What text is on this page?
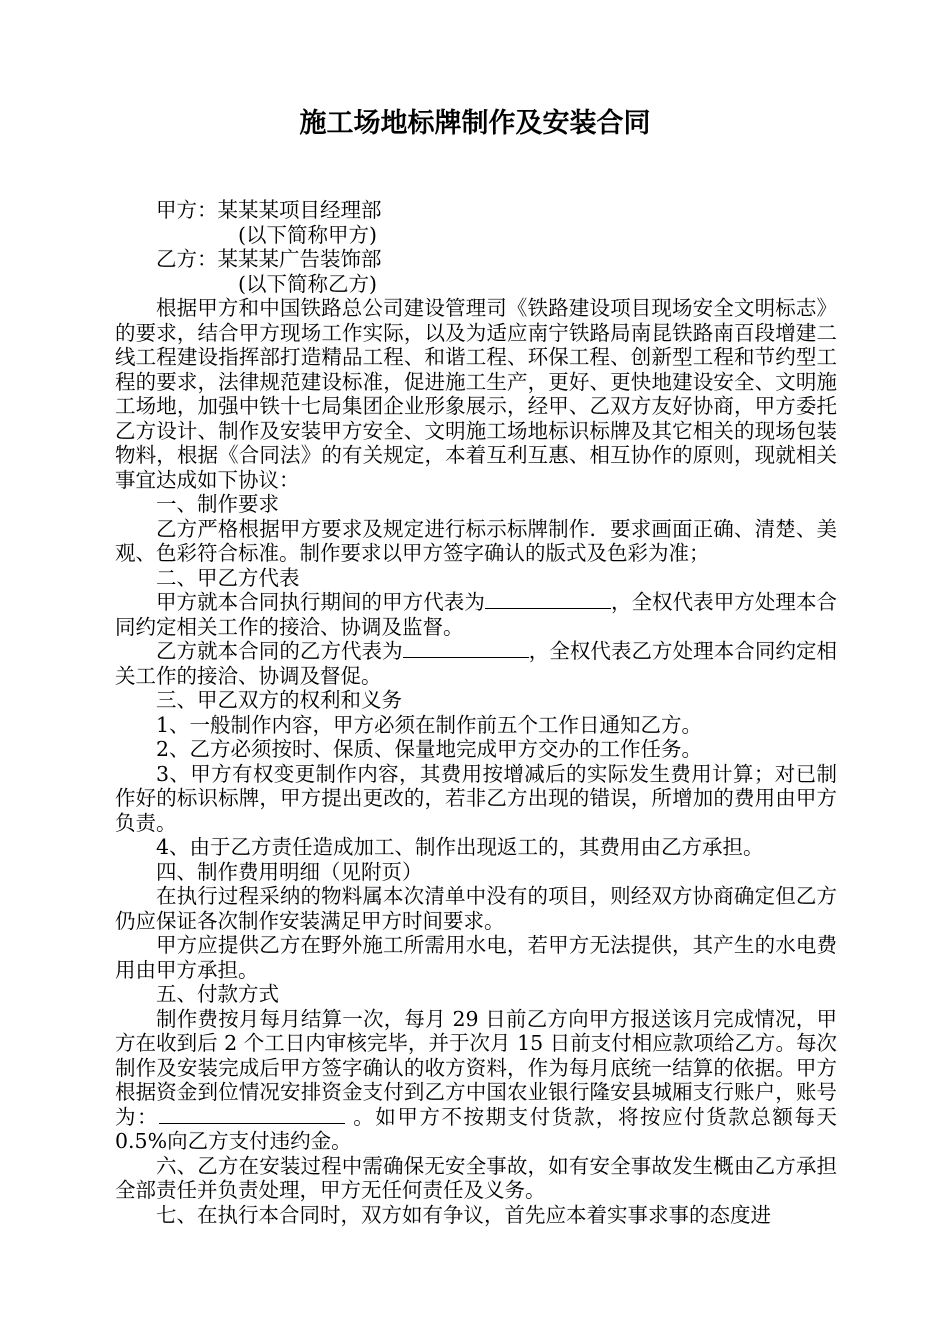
施工场地标牌制作及安装合同

甲方：某某某项目经理部

(以下简称甲方)

乙方：某某某广告装饰部

(以下简称乙方)

根据甲方和中国铁路总公司建设管理司《铁路建设项目现场安全文明标志》的要求，结合甲方现场工作实际，以及为适应南宁铁路局南昆铁路南百段增建二线工程建设指挥部打造精品工程、和谐工程、环保工程、创新型工程和节约型工程的要求，法律规范建设标准，促进施工生产，更好、更快地建设安全、文明施工场地，加强中铁十七局集团企业形象展示，经甲、乙双方友好协商，甲方委托乙方设计、制作及安装甲方安全、文明施工场地标识标牌及其它相关的现场包装物料，根据《合同法》的有关规定，本着互利互惠、相互协作的原则，现就相关事宜达成如下协议：

一、制作要求

乙方严格根据甲方要求及规定进行标示标牌制作．要求画面正确、清楚、美观、色彩符合标准。制作要求以甲方签字确认的版式及色彩为准；

二、甲乙方代表

甲方就本合同执行期间的甲方代表为	，全权代表甲方处理本合同约定相关工作的接洽、协调及监督。

乙方就本合同的乙方代表为	，全权代表乙方处理本合同约定相关工作的接洽、协调及督促。

三、甲乙双方的权利和义务

1、一般制作内容，甲方必须在制作前五个工作日通知乙方。

2、乙方必须按时、保质、保量地完成甲方交办的工作任务。

3、甲方有权变更制作内容，其费用按增减后的实际发生费用计算；对已制作好的标识标牌，甲方提出更改的，若非乙方出现的错误，所增加的费用由甲方负责。

4、由于乙方责任造成加工、制作出现返工的，其费用由乙方承担。

四、制作费用明细（见附页）

在执行过程采纳的物料属本次清单中没有的项目，则经双方协商确定但乙方仍应保证各次制作安装满足甲方时间要求。

甲方应提供乙方在野外施工所需用水电，若甲方无法提供，其产生的水电费用由甲方承担。

五、付款方式

制作费按月每月结算一次，每月 29 日前乙方向甲方报送该月完成情况，甲方在收到后 2 个工日内审核完毕，并于次月 15 日前支付相应款项给乙方。每次制作及安装完成后甲方签字确认的收方资料，作为每月底统一结算的依据。甲方根据资金到位情况安排资金支付到乙方中国农业银行隆安县城厢支行账户，账号为：	。如甲方不按期支付货款，将按应付货款总额每天 0.5%向乙方支付违约金。

六、乙方在安装过程中需确保无安全事故，如有安全事故发生概由乙方承担全部责任并负责处理，甲方无任何责任及义务。

七、在执行本合同时，双方如有争议，首先应本着实事求事的态度进
